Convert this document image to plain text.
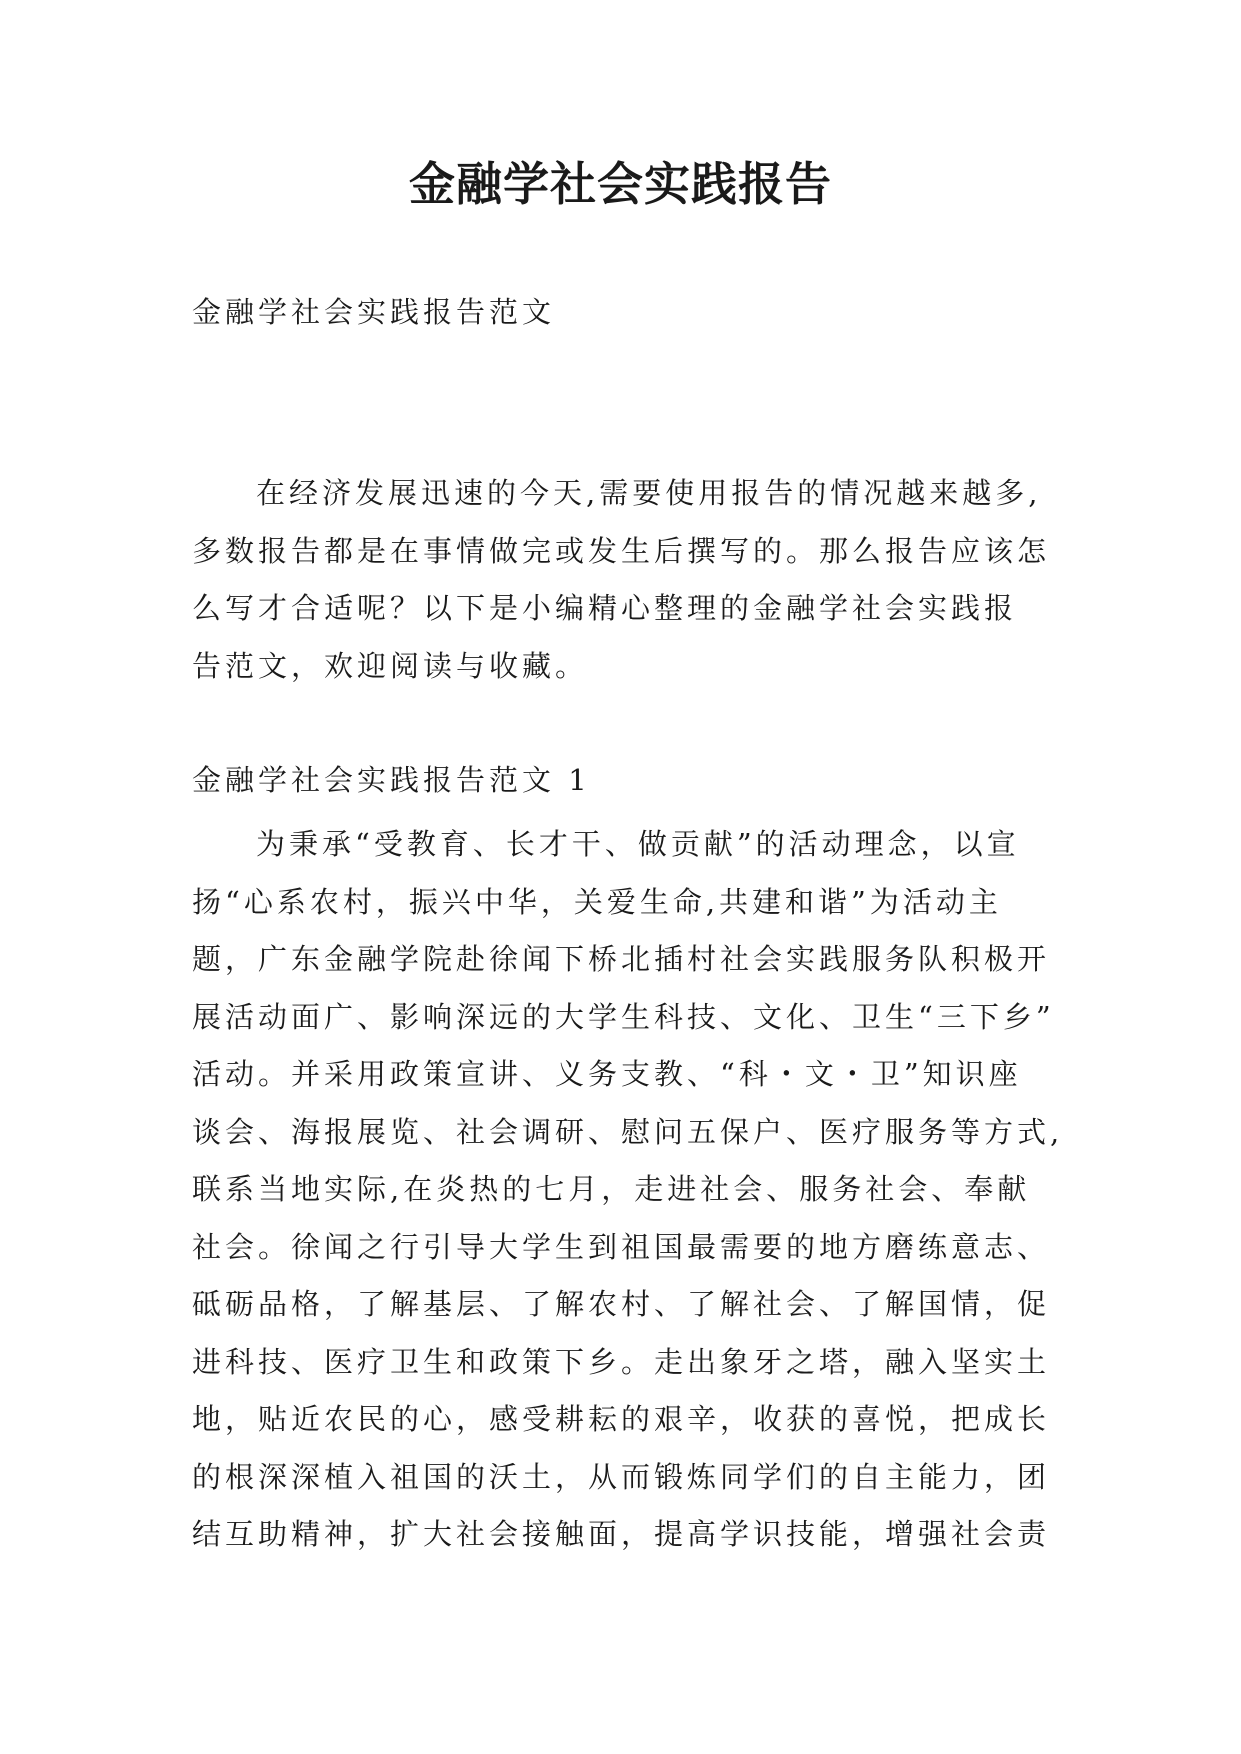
金融学社会实践报告

金融学社会实践报告范文

在经济发展迅速的今天,需要使用报告的情况越来越多,
多数报告都是在事情做完或发生后撰写的。那么报告应该怎
么写才合适呢？以下是小编精心整理的金融学社会实践报
告范文，欢迎阅读与收藏。

金融学社会实践报告范文 1

为秉承“受教育、长才干、做贡献”的活动理念，以宣
扬“心系农村，振兴中华，关爱生命,共建和谐”为活动主
题，广东金融学院赴徐闻下桥北插村社会实践服务队积极开
展活动面广、影响深远的大学生科技、文化、卫生“三下乡”
活动。并采用政策宣讲、义务支教、“科・文・卫”知识座
谈会、海报展览、社会调研、慰问五保户、医疗服务等方式,
联系当地实际,在炎热的七月，走进社会、服务社会、奉献
社会。徐闻之行引导大学生到祖国最需要的地方磨练意志、
砥砺品格，了解基层、了解农村、了解社会、了解国情，促
进科技、医疗卫生和政策下乡。走出象牙之塔，融入坚实土
地，贴近农民的心，感受耕耘的艰辛，收获的喜悦，把成长
的根深深植入祖国的沃土，从而锻炼同学们的自主能力，团
结互助精神，扩大社会接触面，提高学识技能，增强社会责
